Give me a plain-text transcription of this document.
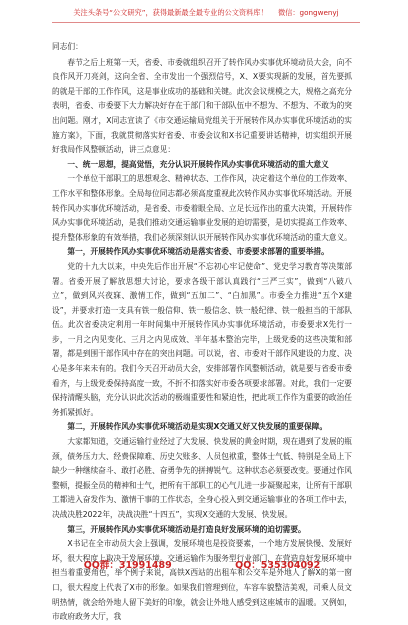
关注头条号“公文研究”，获得最新最全最专业的公文资料库！ 微信：gongwenyj

同志们：

春节之后上班第一天，省委、市委就组织召开了转作风办实事优环境动员大会，向不良作风开刀亮剑，这向全省、全市发出一个强烈信号，X、X要实现新的发展，首先要抓的就是干部的工作作风，这是事业成功的基础和关键。此次会议规模之大，规格之高充分表明，省委、市委要下大力解决好存在于部门和干部队伍中不想为、不想为、不敢为的突出问题。刚才，X同志宣读了《市交通运输局党组关于开展转作风办实事优环境活动的实施方案》，下面，我就贯彻落实好省委、市委会议和X书记重要讲话精神，切实组织开展好我局作风整顿活动，讲三点意见：

一、统一思想，提高觉悟，充分认识开展转作风办实事优环境活动的重大意义

一个单位干部职工的思想观念、精神状态、工作作风，决定着这个单位的工作效率、工作水平和整体形象。全局每位同志都必须高度重视此次转作风办实事优环境活动。开展转作风办实事优环境活动，是省委、市委着眼全局、立足长远作出的重大决策，开展转作风办实事优环境活动，是我们推动交通运输事业发展的迫切需要，是切实提高工作效率、提升整体形象的有效举措，我们必须深刻认识开展转作风办实事优环境活动的重大意义。

第一，开展转作风办实事优环境活动是落实省委、市委要求部署的重要举措。

党的十九大以来，中央先后作出开展“不忘初心牢记使命”、党史学习教育等决策部署。省委开展了解放思想大讨论，要求各级干部认真践行“三严三实”，做到“八破八立”，做到风兴夜寐、激情工作，做到“五加二”、“白加黑”。市委全力推进“五个X建设”，并要求打造一支具有铁一般信仰、铁一般信念、铁一般纪律、铁一般担当的干部队伍。此次省委决定利用一年时间集中开展转作风办实事优环境活动，市委要求X先行一步，一月之内见变化、三月之内见成效、半年基本整治完毕，上级党委的这些决策和部署，都是到围干部作风中存在的突出问题。可以说，省、市委对干部作风建设的力度、决心是多年来未有的。我们今天召开动员大会，安排部署作风整顿活动，就是要与省委市委看齐，与上级党委保持高度一致，不折不扣落实好市委各项要求部署。对此，我们一定要保持清醒头脑，充分认识此次活动的极端重要性和紧迫性，把此项工作作为重要的政治任务抓紧抓好。

第二，开展转作风办实事优环境活动是实现X交通又好又快发展的重要保障。

大家都知道，交通运输行业经过了大发展、快发展的黄金时期，现在遇到了发展的瓶颈，债务压力大、经费保障难、历史欠账多、人员包袱重，整体士气低、特别是全局上下缺少一种继续奋斗、敢打必胜、奋勇争先的拼搏锐气。这种状态必须要改变。要通过作风整顿，提振全员的精神和士气，把所有干部职工的心气儿进一步凝聚起来，让所有干部职工都进入奋发作为、激情干事的工作状态，全身心投入到交通运输事业的各项工作中去，决战决胜2022年，决战决胜“十四五”，实现X交通的大发展、快发展。

第三，开展转作风办实事优环境活动是打造良好发展环境的迫切需要。

X书记在全市动员大会上强调，发展环境也是投资要素，一个地方发展快慢、发展好坏，很大程度上取决于发展环境。交通运输作为服务型行业部门，在营造良好发展环境中担当着重要角色，举个例子来说，高铁X西站的出租车和公交车是外地人了解X的第一窗口，很大程度上代表了X市的形象。如果我们管理到位，车容车貌整洁美观，司乘人员文明热情，就会给外地人留下美好的印象，就会让外地人感受到这座城市的温暖。又例如，市政府政务大厅，我

QQ群：31991489	QQ：535304092
